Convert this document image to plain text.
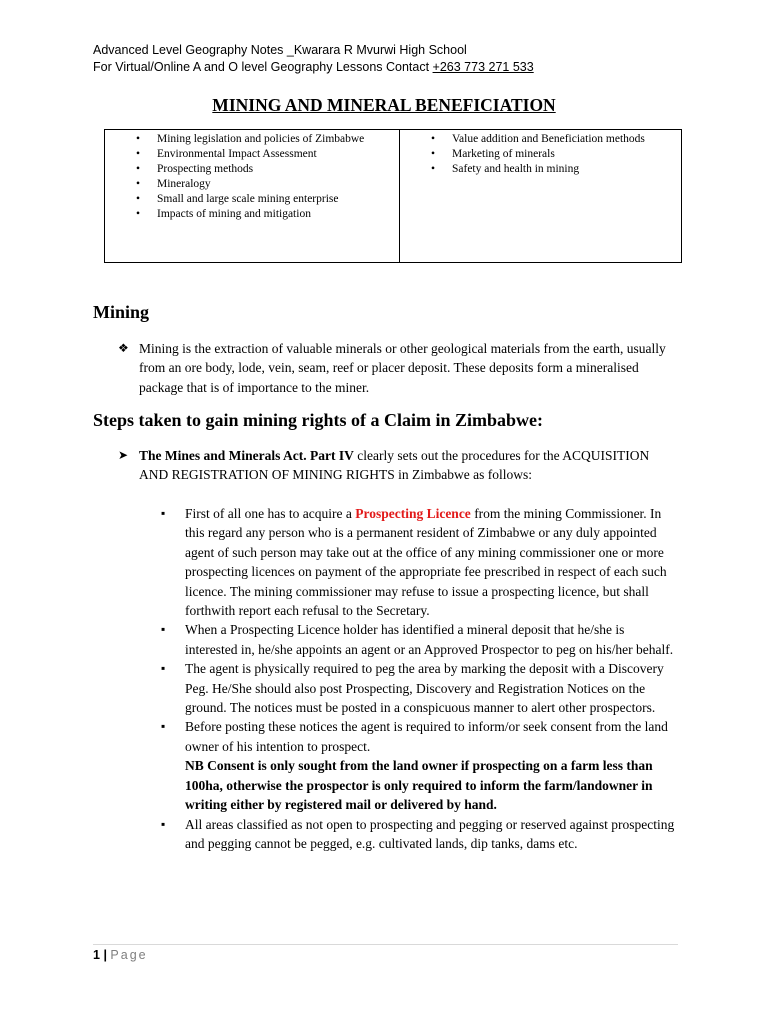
Advanced Level Geography Notes _Kwarara R Mvurwi High School
For Virtual/Online A and O level Geography Lessons Contact +263 773 271 533
MINING AND MINERAL BENEFICIATION
• Mining legislation and policies of Zimbabwe
• Environmental Impact Assessment
• Prospecting methods
• Mineralogy
• Small and large scale mining enterprise
• Impacts of mining and mitigation
• Value addition and Beneficiation methods
• Marketing of minerals
• Safety and health in mining
Mining
❖ Mining is the extraction of valuable minerals or other geological materials from the earth, usually from an ore body, lode, vein, seam, reef or placer deposit. These deposits form a mineralised package that is of importance to the miner.
Steps taken to gain mining rights of a Claim in Zimbabwe:
➤ The Mines and Minerals Act. Part IV clearly sets out the procedures for the ACQUISITION AND REGISTRATION OF MINING RIGHTS in Zimbabwe as follows:
▪ First of all one has to acquire a Prospecting Licence from the mining Commissioner. In this regard any person who is a permanent resident of Zimbabwe or any duly appointed agent of such person may take out at the office of any mining commissioner one or more prospecting licences on payment of the appropriate fee prescribed in respect of each such licence. The mining commissioner may refuse to issue a prospecting licence, but shall forthwith report each refusal to the Secretary.
▪ When a Prospecting Licence holder has identified a mineral deposit that he/she is interested in, he/she appoints an agent or an Approved Prospector to peg on his/her behalf.
▪ The agent is physically required to peg the area by marking the deposit with a Discovery Peg. He/She should also post Prospecting, Discovery and Registration Notices on the ground. The notices must be posted in a conspicuous manner to alert other prospectors.
▪ Before posting these notices the agent is required to inform/or seek consent from the land owner of his intention to prospect.
NB Consent is only sought from the land owner if prospecting on a farm less than 100ha, otherwise the prospector is only required to inform the farm/landowner in writing either by registered mail or delivered by hand.
▪ All areas classified as not open to prospecting and pegging or reserved against prospecting and pegging cannot be pegged, e.g. cultivated lands, dip tanks, dams etc.
1 | Page
